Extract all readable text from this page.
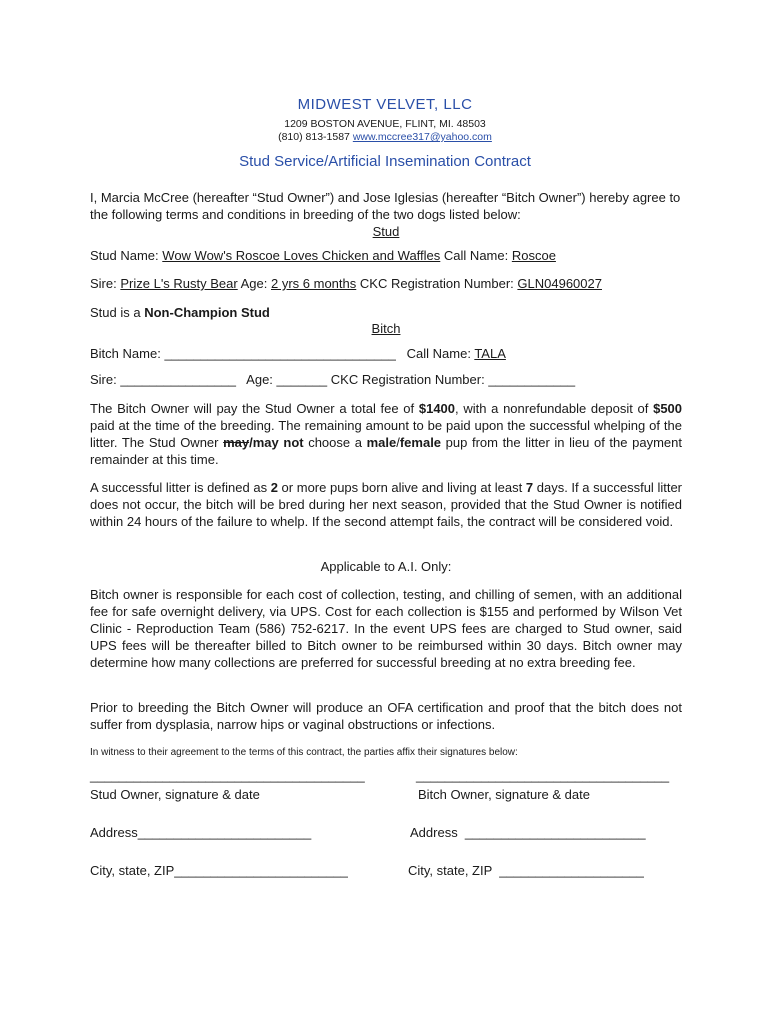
MIDWEST VELVET, LLC
1209 BOSTON AVENUE, FLINT, MI. 48503
(810) 813-1587 www.mccree317@yahoo.com
Stud Service/Artificial Insemination Contract
I, Marcia McCree (hereafter “Stud Owner”) and Jose Iglesias (hereafter “Bitch Owner”) hereby agree to the following terms and conditions in breeding of the two dogs listed below:
Stud
Stud Name: Wow Wow's Roscoe Loves Chicken and Waffles Call Name: Roscoe
Sire: Prize L's Rusty Bear Age: 2 yrs 6 months CKC Registration Number: GLN04960027
Stud is a Non-Champion Stud
Bitch
Bitch Name: ________________________________ Call Name: TALA
Sire: ________________ Age: _______ CKC Registration Number: ____________
The Bitch Owner will pay the Stud Owner a total fee of $1400, with a nonrefundable deposit of $500 paid at the time of the breeding. The remaining amount to be paid upon the successful whelping of the litter. The Stud Owner may/may not choose a male/female pup from the litter in lieu of the payment remainder at this time.
A successful litter is defined as 2 or more pups born alive and living at least 7 days. If a successful litter does not occur, the bitch will be bred during her next season, provided that the Stud Owner is notified within 24 hours of the failure to whelp. If the second attempt fails, the contract will be considered void.
Applicable to A.I. Only:
Bitch owner is responsible for each cost of collection, testing, and chilling of semen, with an additional fee for safe overnight delivery, via UPS. Cost for each collection is $155 and performed by Wilson Vet Clinic - Reproduction Team (586) 752-6217. In the event UPS fees are charged to Stud owner, said UPS fees will be thereafter billed to Bitch owner to be reimbursed within 30 days. Bitch owner may determine how many collections are preferred for successful breeding at no extra breeding fee.
Prior to breeding the Bitch Owner will produce an OFA certification and proof that the bitch does not suffer from dysplasia, narrow hips or vaginal obstructions or infections.
In witness to their agreement to the terms of this contract, the parties affix their signatures below:
______________________________________	___________________________________
Stud Owner, signature & date	Bitch Owner, signature & date
Address________________________	Address  _________________________
City, state, ZIP________________________	City, state, ZIP  ____________________
